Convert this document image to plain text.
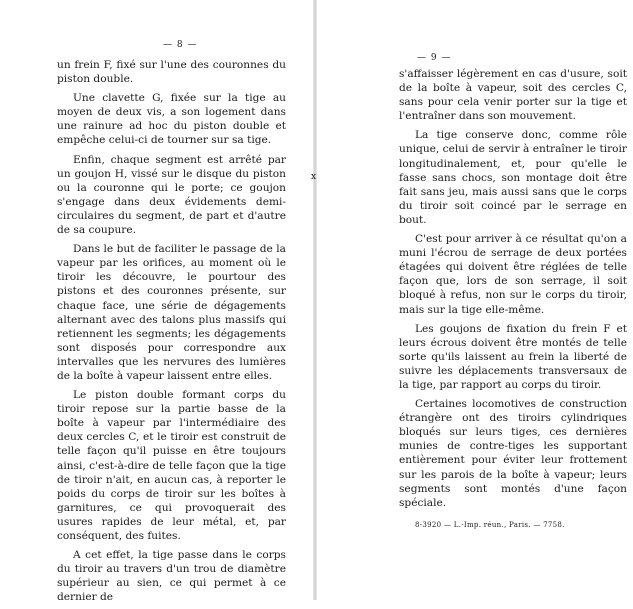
— 8 —

un frein F, fixé sur l'une des couronnes du piston double.

Une clavette G, fixée sur la tige au moyen de deux vis, a son logement dans une rainure ad hoc du piston double et empêche celui-ci de tourner sur sa tige.

Enfin, chaque segment est arrêté par un goujon H, vissé sur le disque du piston ou la couronne qui le porte; ce goujon s'engage dans deux évidements demi-circulaires du segment, de part et d'autre de sa coupure.

Dans le but de faciliter le passage de la vapeur par les orifices, au moment où le tiroir les découvre, le pourtour des pistons et des couronnes présente, sur chaque face, une série de dégagements alternant avec des talons plus massifs qui retiennent les segments; les dégagements sont disposés pour correspondre aux intervalles que les nervures des lumières de la boîte à vapeur laissent entre elles.

Le piston double formant corps du tiroir repose sur la partie basse de la boîte à vapeur par l'intermédiaire des deux cercles C, et le tiroir est construit de telle façon qu'il puisse en être toujours ainsi, c'est-à-dire de telle façon que la tige de tiroir n'ait, en aucun cas, à reporter le poids du corps de tiroir sur les boîtes à garnitures, ce qui provoquerait des usures rapides de leur métal, et, par conséquent, des fuites.

A cet effet, la tige passe dans le corps du tiroir au travers d'un trou de diamètre supérieur au sien, ce qui permet à ce dernier de

x
— 9 —

s'affaisser légèrement en cas d'usure, soit de la boîte à vapeur, soit des cercles C, sans pour cela venir porter sur la tige et l'entraîner dans son mouvement.

La tige conserve donc, comme rôle unique, celui de servir à entraîner le tiroir longitudinalement, et, pour qu'elle le fasse sans chocs, son montage doit être fait sans jeu, mais aussi sans que le corps du tiroir soit coincé par le serrage en bout.

C'est pour arriver à ce résultat qu'on a muni l'écrou de serrage de deux portées étagées qui doivent être réglées de telle façon que, lors de son serrage, il soit bloqué à refus, non sur le corps du tiroir, mais sur la tige elle-même.

Les goujons de fixation du frein F et leurs écrous doivent être montés de telle sorte qu'ils laissent au frein la liberté de suivre les déplacements transversaux de la tige, par rapport au corps du tiroir.

Certaines locomotives de construction étrangère ont des tiroirs cylindriques bloqués sur leurs tiges, ces dernières munies de contre-tiges les supportant entièrement pour éviter leur frottement sur les parois de la boîte à vapeur; leurs segments sont montés d'une façon spéciale.

8-3920 — L.-Imp. réun., Paris. — 7758.
